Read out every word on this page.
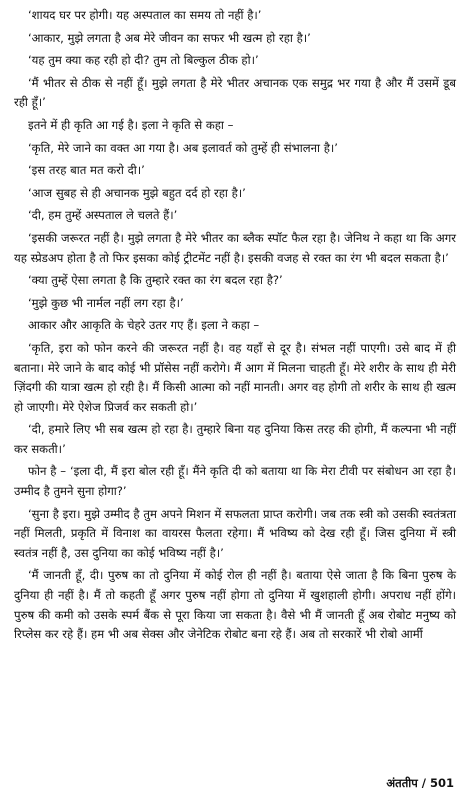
‘शायद घर पर होगी। यह अस्पताल का समय तो नहीं है।’

‘आकार, मुझे लगता है अब मेरे जीवन का सफर भी खत्म हो रहा है।’

‘यह तुम क्या कह रही हो दी? तुम तो बिल्कुल ठीक हो।’

‘मैं भीतर से ठीक से नहीं हूँ। मुझे लगता है मेरे भीतर अचानक एक समुद्र भर गया है और मैं उसमें डूब रही हूँ।’

इतने में ही कृति आ गई है। इला ने कृति से कहा –

‘कृति, मेरे जाने का वक्त आ गया है। अब इलावर्त को तुम्हें ही संभालना है।’

‘इस तरह बात मत करो दी।’

‘आज सुबह से ही अचानक मुझे बहुत दर्द हो रहा है।’

‘दी, हम तुम्हें अस्पताल ले चलते हैं।’

‘इसकी जरूरत नहीं है। मुझे लगता है मेरे भीतर का ब्लैक स्पॉट फैल रहा है। जेनिथ ने कहा था कि अगर यह स्प्रेडअप होता है तो फिर इसका कोई ट्रीटमेंट नहीं है। इसकी वजह से रक्त का रंग भी बदल सकता है।’

‘क्या तुम्हें ऐसा लगता है कि तुम्हारे रक्त का रंग बदल रहा है?’

‘मुझे कुछ भी नार्मल नहीं लग रहा है।’

आकार और आकृति के चेहरे उतर गए हैं। इला ने कहा –

‘कृति, इरा को फोन करने की जरूरत नहीं है। वह यहाँ से दूर है। संभल नहीं पाएगी। उसे बाद में ही बताना। मेरे जाने के बाद कोई भी प्रॉसेस नहीं करोगे। मैं आग में मिलना चाहती हूँ। मेरे शरीर के साथ ही मेरी ज़िंदगी की यात्रा खत्म हो रही है। मैं किसी आत्मा को नहीं मानती। अगर वह होगी तो शरीर के साथ ही खत्म हो जाएगी। मेरे ऐशेज प्रिजर्व कर सकती हो।’

‘दी, हमारे लिए भी सब खत्म हो रहा है। तुम्हारे बिना यह दुनिया किस तरह की होगी, मैं कल्पना भी नहीं कर सकती।’

फोन है – ‘इला दी, मैं इरा बोल रही हूँ। मैंने कृति दी को बताया था कि मेरा टीवी पर संबोधन आ रहा है। उम्मीद है तुमने सुना होगा?’

‘सुना है इरा। मुझे उम्मीद है तुम अपने मिशन में सफलता प्राप्त करोगी। जब तक स्त्री को उसकी स्वतंत्रता नहीं मिलती, प्रकृति में विनाश का वायरस फैलता रहेगा। मैं भविष्य को देख रही हूँ। जिस दुनिया में स्त्री स्वतंत्र नहीं है, उस दुनिया का कोई भविष्य नहीं है।’

‘मैं जानती हूँ, दी। पुरुष का तो दुनिया में कोई रोल ही नहीं है। बताया ऐसे जाता है कि बिना पुरुष के दुनिया ही नहीं है। मैं तो कहती हूँ अगर पुरुष नहीं होगा तो दुनिया में खुशहाली होगी। अपराध नहीं होंगे। पुरुष की कमी को उसके स्पर्म बैंक से पूरा किया जा सकता है। वैसे भी मैं जानती हूँ अब रोबोट मनुष्य को रिप्लेस कर रहे हैं। हम भी अब सेक्स और जेनेटिक रोबोट बना रहे हैं। अब तो सरकारें भी रोबो आर्मी

अंततीप / 501
